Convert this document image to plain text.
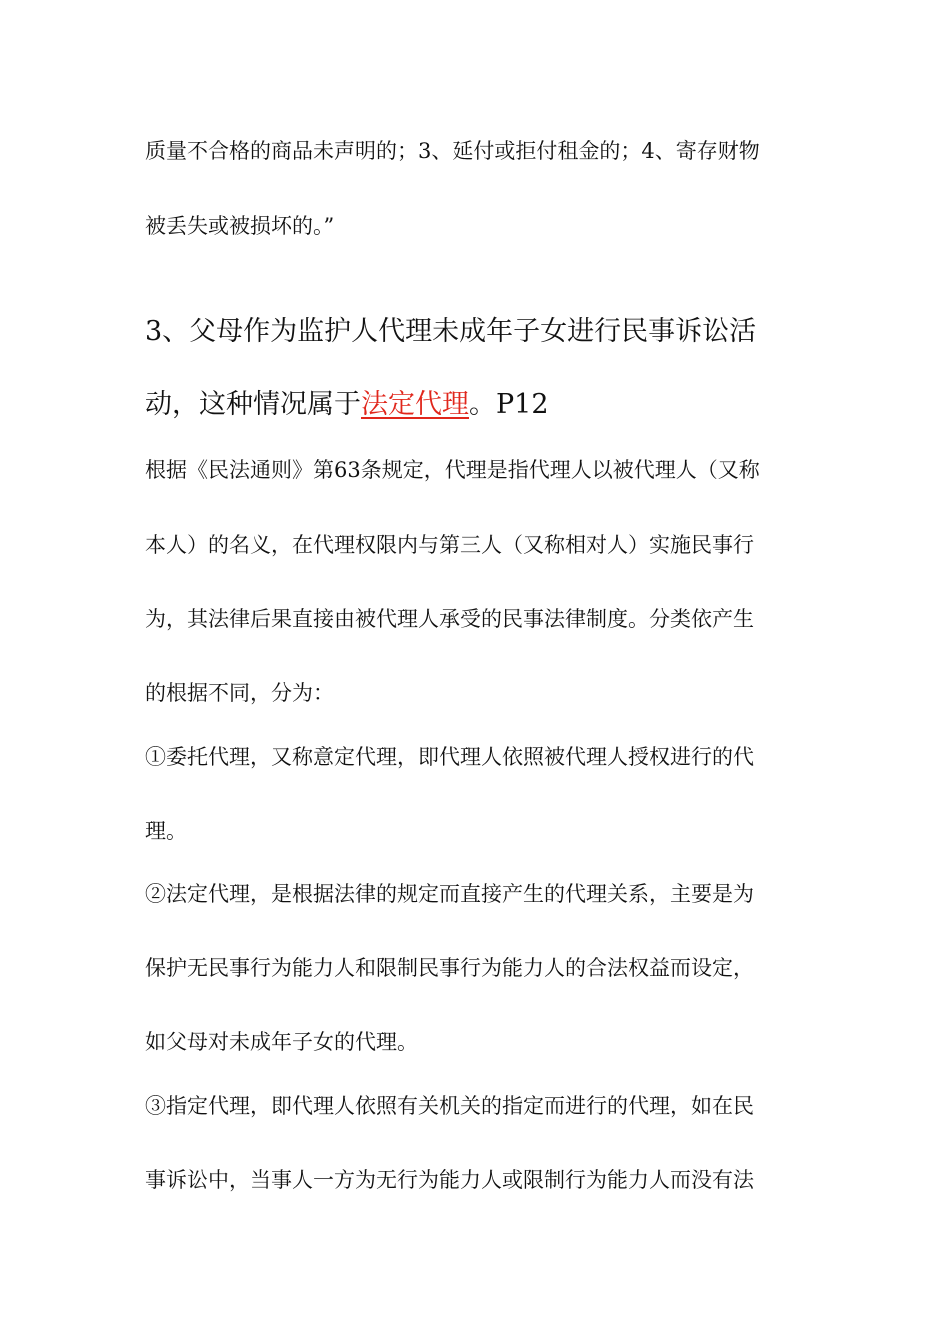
质量不合格的商品未声明的；3、延付或拒付租金的；4、寄存财物
被丢失或被损坏的。”
3、父母作为监护人代理未成年子女进行民事诉讼活
动，这种情况属于法定代理。P12
根据《民法通则》第63条规定，代理是指代理人以被代理人（又称
本人）的名义，在代理权限内与第三人（又称相对人）实施民事行
为，其法律后果直接由被代理人承受的民事法律制度。分类依产生
的根据不同，分为：
①委托代理，又称意定代理，即代理人依照被代理人授权进行的代
理。
②法定代理，是根据法律的规定而直接产生的代理关系，主要是为
保护无民事行为能力人和限制民事行为能力人的合法权益而设定，
如父母对未成年子女的代理。
③指定代理，即代理人依照有关机关的指定而进行的代理，如在民
事诉讼中，当事人一方为无行为能力人或限制行为能力人而没有法
